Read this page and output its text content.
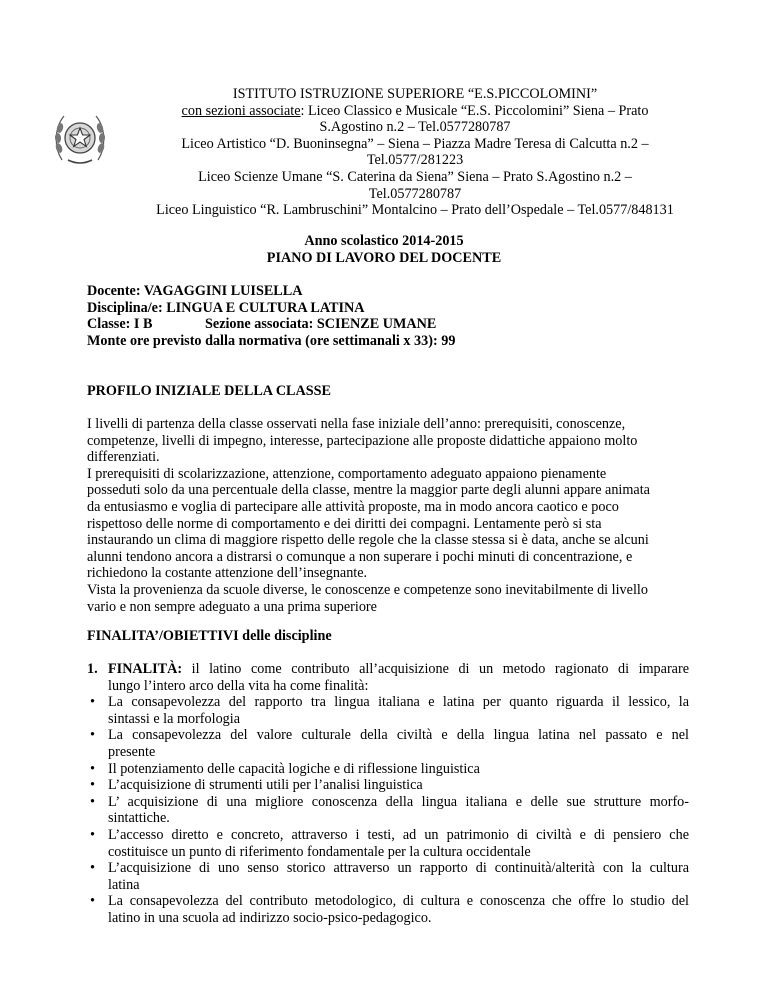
ISTITUTO ISTRUZIONE SUPERIORE “E.S.PICCOLOMINI”
con sezioni associate: Liceo Classico e Musicale “E.S. Piccolomini” Siena – Prato
S.Agostino n.2 – Tel.0577280787
Liceo Artistico “D. Buoninsegna” – Siena – Piazza Madre Teresa di Calcutta n.2 –
Tel.0577/281223
Liceo Scienze Umane “S. Caterina da Siena” Siena – Prato S.Agostino n.2 –
Tel.0577280787
Liceo Linguistico “R. Lambruschini” Montalcino – Prato dell’Ospedale – Tel.0577/848131
Anno scolastico 2014-2015
PIANO DI LAVORO DEL DOCENTE
Docente: VAGAGGINI LUISELLA
Disciplina/e: LINGUA E CULTURA LATINA
Classe: I B	Sezione associata: SCIENZE UMANE
Monte ore previsto dalla normativa (ore settimanali x 33): 99
PROFILO INIZIALE DELLA CLASSE
I livelli di partenza della classe osservati nella fase iniziale dell’anno: prerequisiti, conoscenze,
competenze, livelli di impegno, interesse, partecipazione alle proposte didattiche appaiono molto
differenziati.
I prerequisiti di scolarizzazione, attenzione, comportamento adeguato appaiono pienamente
posseduti solo da una percentuale della classe, mentre la maggior parte degli alunni appare animata
da entusiasmo e voglia di partecipare alle attività proposte, ma in modo ancora caotico e poco
rispettoso delle norme di comportamento e dei diritti dei compagni. Lentamente però si sta
instaurando un clima di maggiore rispetto delle regole che la classe stessa si è data, anche se alcuni
alunni tendono ancora a distrarsi o comunque a non superare i pochi minuti di concentrazione, e
richiedono la costante attenzione dell’insegnante.
Vista la provenienza da scuole diverse, le conoscenze e competenze sono inevitabilmente di livello
vario e non sempre adeguato a una prima superiore
FINALITA’/OBIETTIVI delle discipline
1. FINALITÀ: il latino come contributo all’acquisizione di un metodo ragionato di imparare
lungo l’intero arco della vita ha come finalità:
• La consapevolezza del rapporto tra lingua italiana e latina per quanto riguarda il lessico, la
sintassi e la morfologia
• La consapevolezza del valore culturale della civiltà e della lingua latina nel passato e nel
presente
• Il potenziamento delle capacità logiche e di riflessione linguistica
• L’acquisizione di strumenti utili per l’analisi linguistica
• L’ acquisizione di una migliore conoscenza della lingua italiana e delle sue strutture morfo-
sintattiche.
• L’accesso diretto e concreto, attraverso i testi, ad un patrimonio di civiltà e di pensiero che
costituisce un punto di riferimento fondamentale per la cultura occidentale
• L’acquisizione di uno senso storico attraverso un rapporto di continuità/alterità con la cultura
latina
• La consapevolezza del contributo metodologico, di cultura e conoscenza che offre lo studio del
latino in una scuola ad indirizzo socio-psico-pedagogico.
